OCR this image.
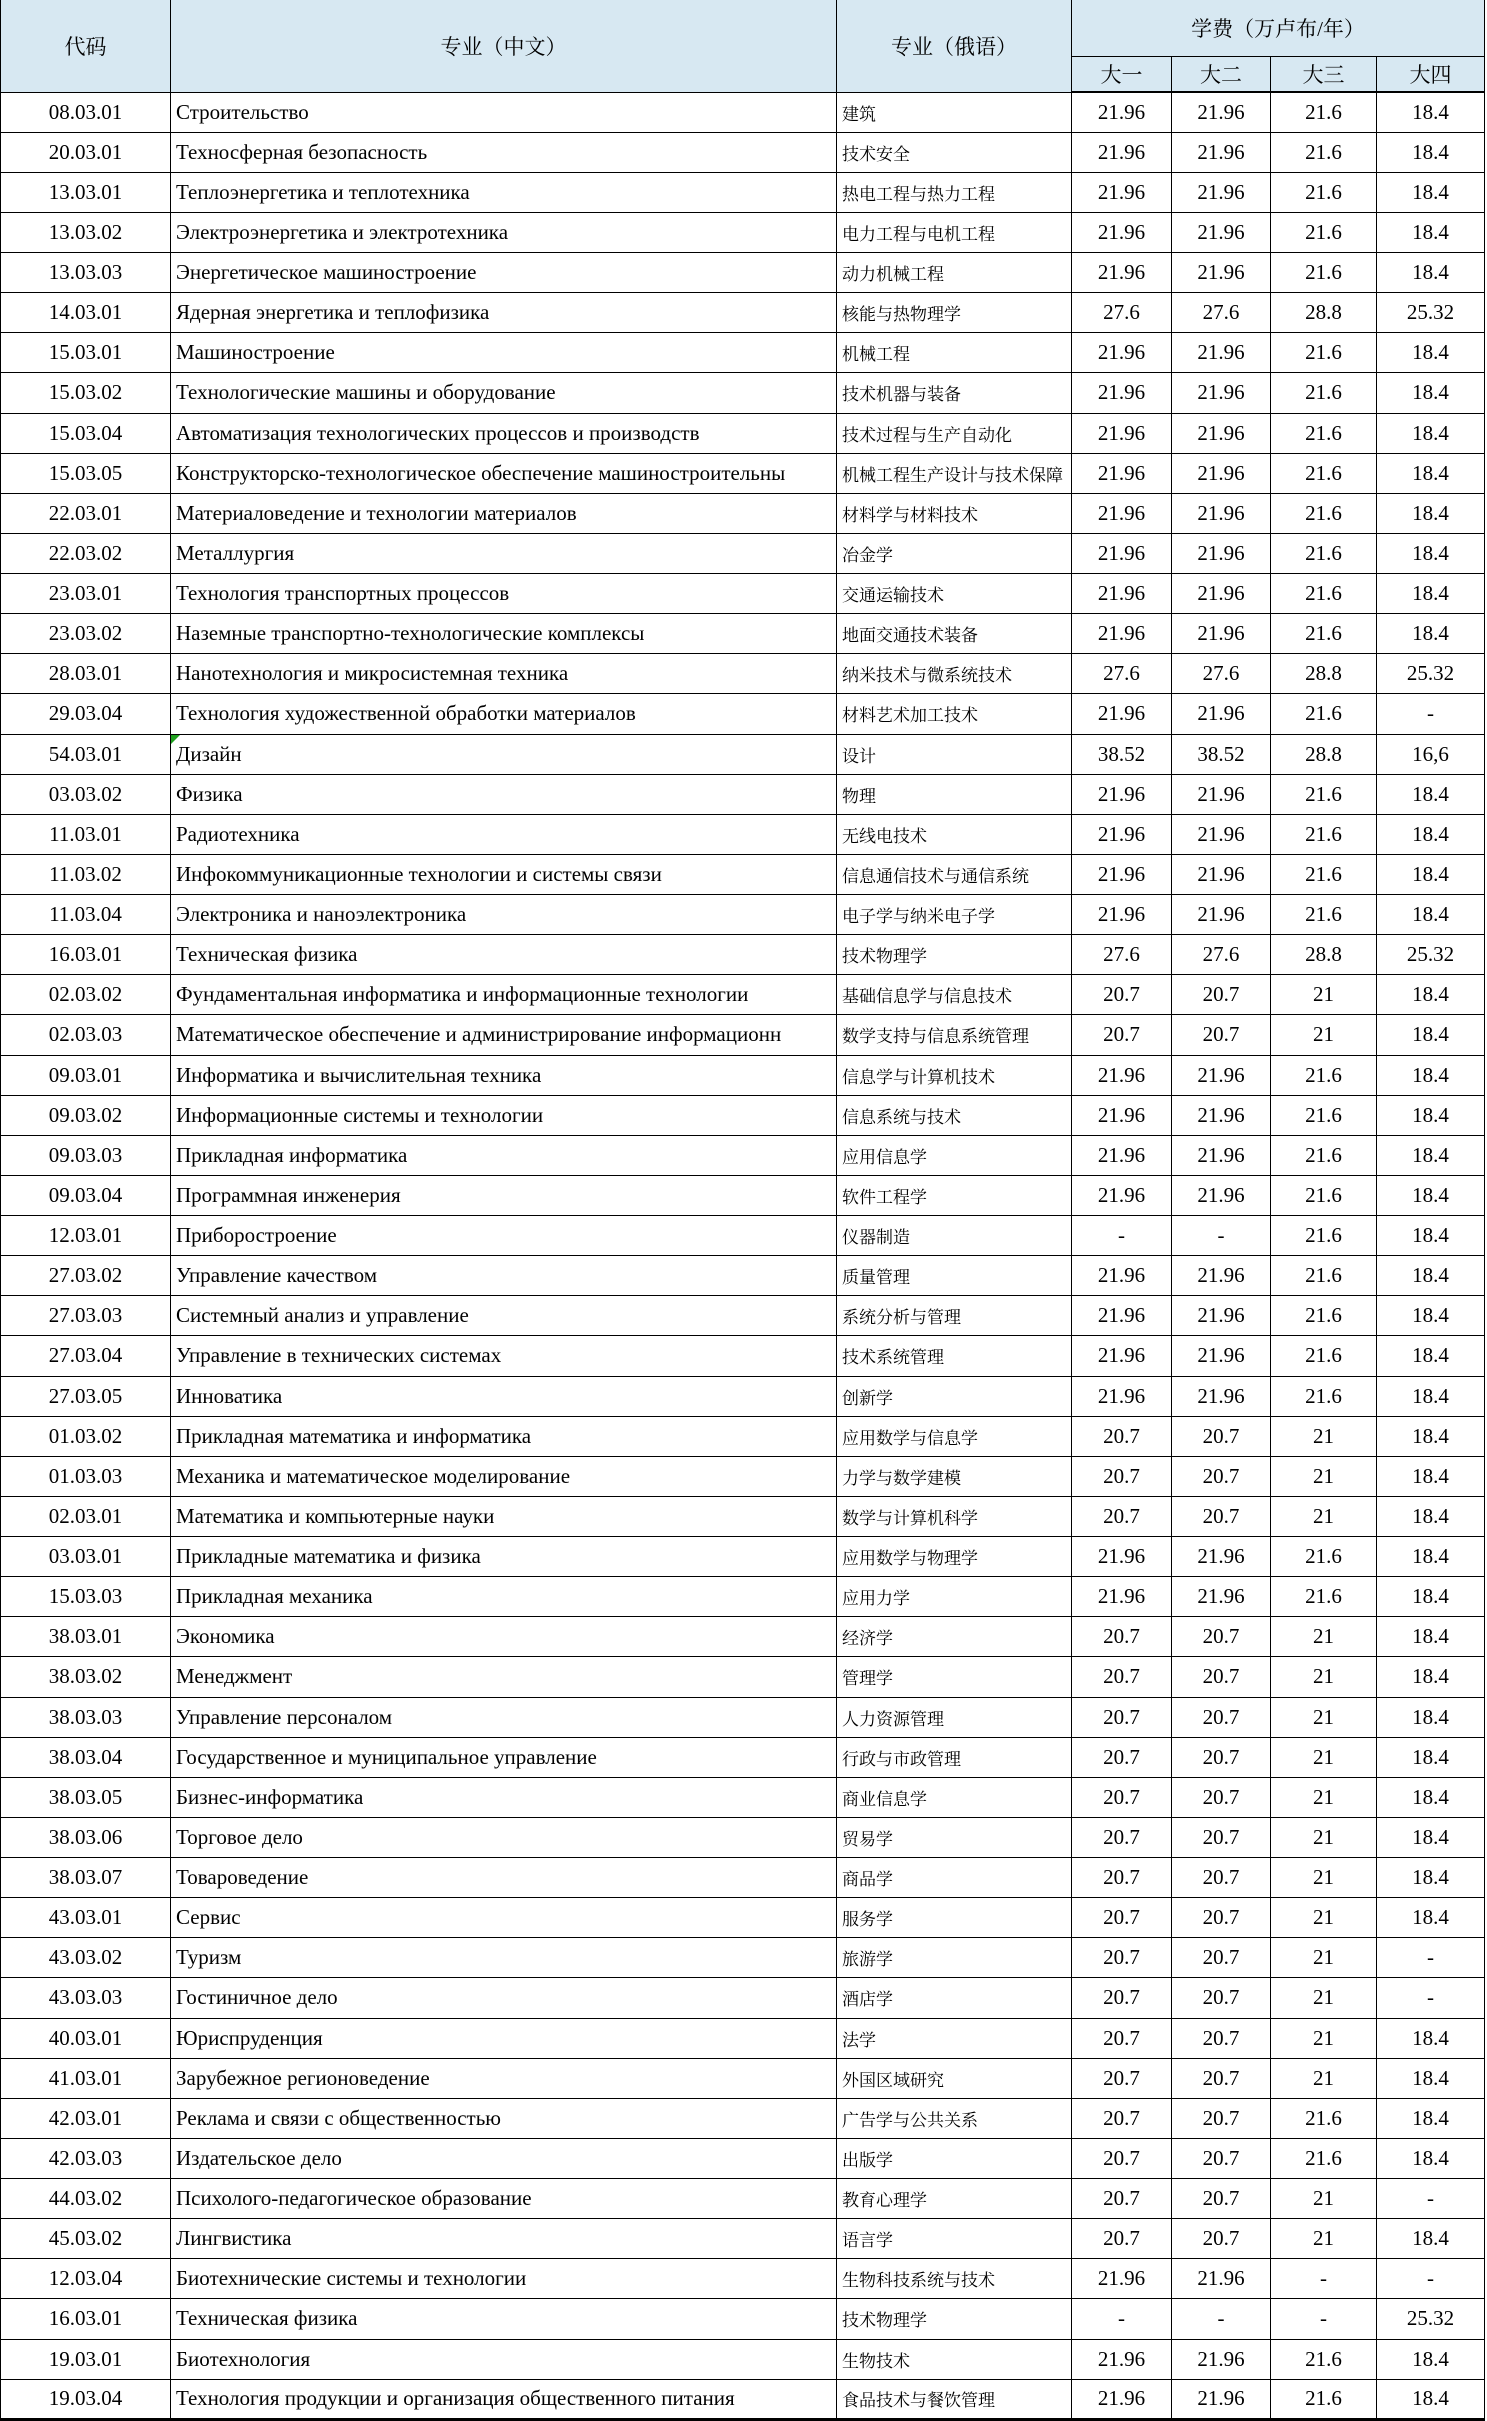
代码	专业（中文）	专业（俄语）	学费（万卢布/年）			
			大一	大二	大三	大四
08.03.01	Строительство	建筑	21.96	21.96	21.6	18.4
20.03.01	Техносферная безопасность	技术安全	21.96	21.96	21.6	18.4
13.03.01	Теплоэнергетика и теплотехника	热电工程与热力工程	21.96	21.96	21.6	18.4
13.03.02	Электроэнергетика и электротехника	电力工程与电机工程	21.96	21.96	21.6	18.4
13.03.03	Энергетическое машиностроение	动力机械工程	21.96	21.96	21.6	18.4
14.03.01	Ядерная энергетика и теплофизика	核能与热物理学	27.6	27.6	28.8	25.32
15.03.01	Машиностроение	机械工程	21.96	21.96	21.6	18.4
15.03.02	Технологические машины и оборудование	技术机器与装备	21.96	21.96	21.6	18.4
15.03.04	Автоматизация технологических процессов и производств	技术过程与生产自动化	21.96	21.96	21.6	18.4
15.03.05	Конструкторско-технологическое обеспечение машиностроительны	机械工程生产设计与技术保障	21.96	21.96	21.6	18.4
22.03.01	Материаловедение и технологии материалов	材料学与材料技术	21.96	21.96	21.6	18.4
22.03.02	Металлургия	冶金学	21.96	21.96	21.6	18.4
23.03.01	Технология транспортных процессов	交通运输技术	21.96	21.96	21.6	18.4
23.03.02	Наземные транспортно-технологические комплексы	地面交通技术装备	21.96	21.96	21.6	18.4
28.03.01	Нанотехнология и микросистемная техника	纳米技术与微系统技术	27.6	27.6	28.8	25.32
29.03.04	Технология художественной обработки материалов	材料艺术加工技术	21.96	21.96	21.6	-
54.03.01	Дизайн	设计	38.52	38.52	28.8	16,6
03.03.02	Физика	物理	21.96	21.96	21.6	18.4
11.03.01	Радиотехника	无线电技术	21.96	21.96	21.6	18.4
11.03.02	Инфокоммуникационные технологии и системы связи	信息通信技术与通信系统	21.96	21.96	21.6	18.4
11.03.04	Электроника и наноэлектроника	电子学与纳米电子学	21.96	21.96	21.6	18.4
16.03.01	Техническая физика	技术物理学	27.6	27.6	28.8	25.32
02.03.02	Фундаментальная информатика и информационные технологии	基础信息学与信息技术	20.7	20.7	21	18.4
02.03.03	Математическое обеспечение и администрирование информационн	数学支持与信息系统管理	20.7	20.7	21	18.4
09.03.01	Информатика и вычислительная техника	信息学与计算机技术	21.96	21.96	21.6	18.4
09.03.02	Информационные системы и технологии	信息系统与技术	21.96	21.96	21.6	18.4
09.03.03	Прикладная информатика	应用信息学	21.96	21.96	21.6	18.4
09.03.04	Программная инженерия	软件工程学	21.96	21.96	21.6	18.4
12.03.01	Приборостроение	仪器制造	-	-	21.6	18.4
27.03.02	Управление качеством	质量管理	21.96	21.96	21.6	18.4
27.03.03	Системный анализ и управление	系统分析与管理	21.96	21.96	21.6	18.4
27.03.04	Управление в технических системах	技术系统管理	21.96	21.96	21.6	18.4
27.03.05	Инноватика	创新学	21.96	21.96	21.6	18.4
01.03.02	Прикладная математика и информатика	应用数学与信息学	20.7	20.7	21	18.4
01.03.03	Механика и математическое моделирование	力学与数学建模	20.7	20.7	21	18.4
02.03.01	Математика и компьютерные науки	数学与计算机科学	20.7	20.7	21	18.4
03.03.01	Прикладные математика и физика	应用数学与物理学	21.96	21.96	21.6	18.4
15.03.03	Прикладная механика	应用力学	21.96	21.96	21.6	18.4
38.03.01	Экономика	经济学	20.7	20.7	21	18.4
38.03.02	Менеджмент	管理学	20.7	20.7	21	18.4
38.03.03	Управление персоналом	人力资源管理	20.7	20.7	21	18.4
38.03.04	Государственное и муниципальное управление	行政与市政管理	20.7	20.7	21	18.4
38.03.05	Бизнес-информатика	商业信息学	20.7	20.7	21	18.4
38.03.06	Торговое дело	贸易学	20.7	20.7	21	18.4
38.03.07	Товароведение	商品学	20.7	20.7	21	18.4
43.03.01	Сервис	服务学	20.7	20.7	21	18.4
43.03.02	Туризм	旅游学	20.7	20.7	21	-
43.03.03	Гостиничное дело	酒店学	20.7	20.7	21	-
40.03.01	Юриспруденция	法学	20.7	20.7	21	18.4
41.03.01	Зарубежное регионоведение	外国区域研究	20.7	20.7	21	18.4
42.03.01	Реклама и связи с общественностью	广告学与公共关系	20.7	20.7	21.6	18.4
42.03.03	Издательское дело	出版学	20.7	20.7	21.6	18.4
44.03.02	Психолого-педагогическое образование	教育心理学	20.7	20.7	21	-
45.03.02	Лингвистика	语言学	20.7	20.7	21	18.4
12.03.04	Биотехнические системы и технологии	生物科技系统与技术	21.96	21.96	-	-
16.03.01	Техническая физика	技术物理学	-	-	-	25.32
19.03.01	Биотехнология	生物技术	21.96	21.96	21.6	18.4
19.03.04	Технология продукции и организация общественного питания	食品技术与餐饮管理	21.96	21.96	21.6	18.4
